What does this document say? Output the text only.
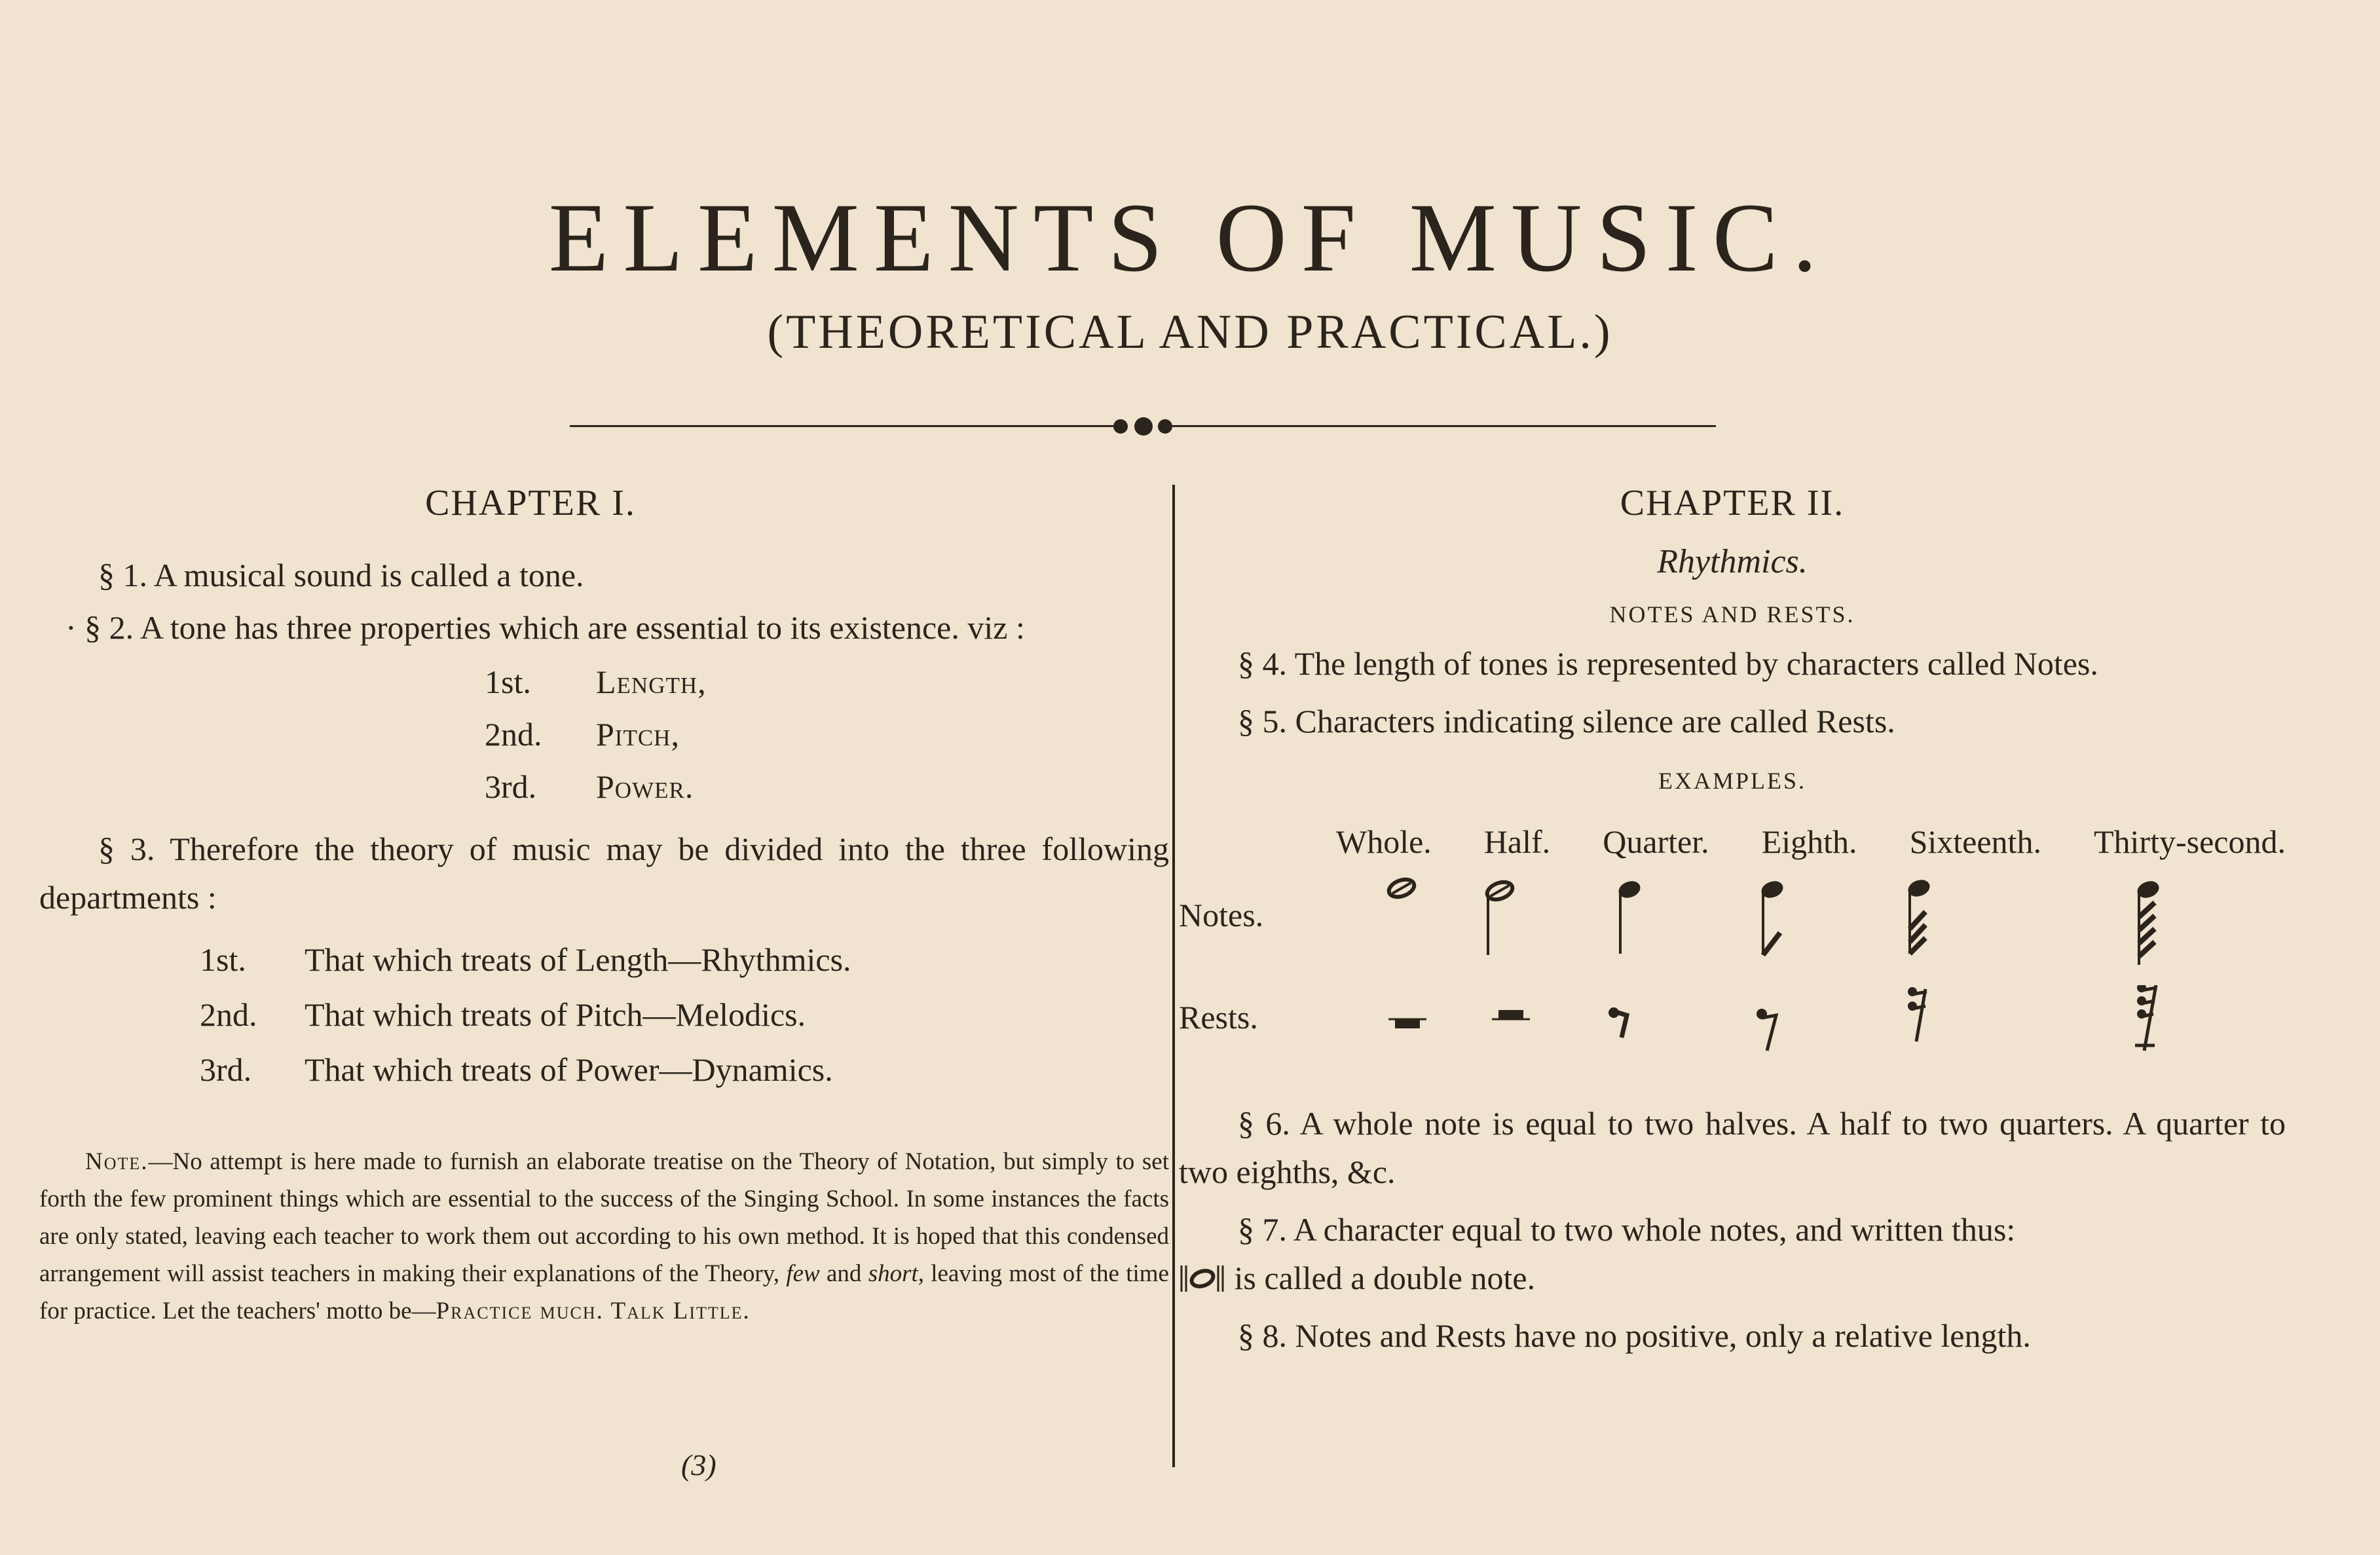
ELEMENTS OF MUSIC.
(THEORETICAL AND PRACTICAL.)
CHAPTER I.

§ 1. A musical sound is called a tone.

· § 2. A tone has three properties which are essential to its existence. viz :

1st.	Length,
2nd.	Pitch,
3rd.	Power.

§ 3. Therefore the theory of music may be divided into the three following departments :

1st.	That which treats of Length—Rhythmics.
2nd.	That which treats of Pitch—Melodics.
3rd.	That which treats of Power—Dynamics.

Note.—No attempt is here made to furnish an elaborate treatise on the Theory of Notation, but simply to set forth the few prominent things which are essential to the success of the Singing School. In some instances the facts are only stated, leaving each teacher to work them out according to his own method. It is hoped that this condensed arrangement will assist teachers in making their explanations of the Theory, few and short, leaving most of the time for practice. Let the teachers' motto be—Practice much. Talk Little.

(3)
CHAPTER II.

Rhythmics.

NOTES AND RESTS.

§ 4. The length of tones is represented by characters called Notes.

§ 5. Characters indicating silence are called Rests.

EXAMPLES.

Whole. Half. Quarter. Eighth. Sixteenth. Thirty-second.
Notes.
Rests.

§ 6. A whole note is equal to two halves. A half to two quarters. A quarter to two eighths, &c.

§ 7. A character equal to two whole notes, and written thus:
is called a double note.

§ 8. Notes and Rests have no positive, only a relative length.
